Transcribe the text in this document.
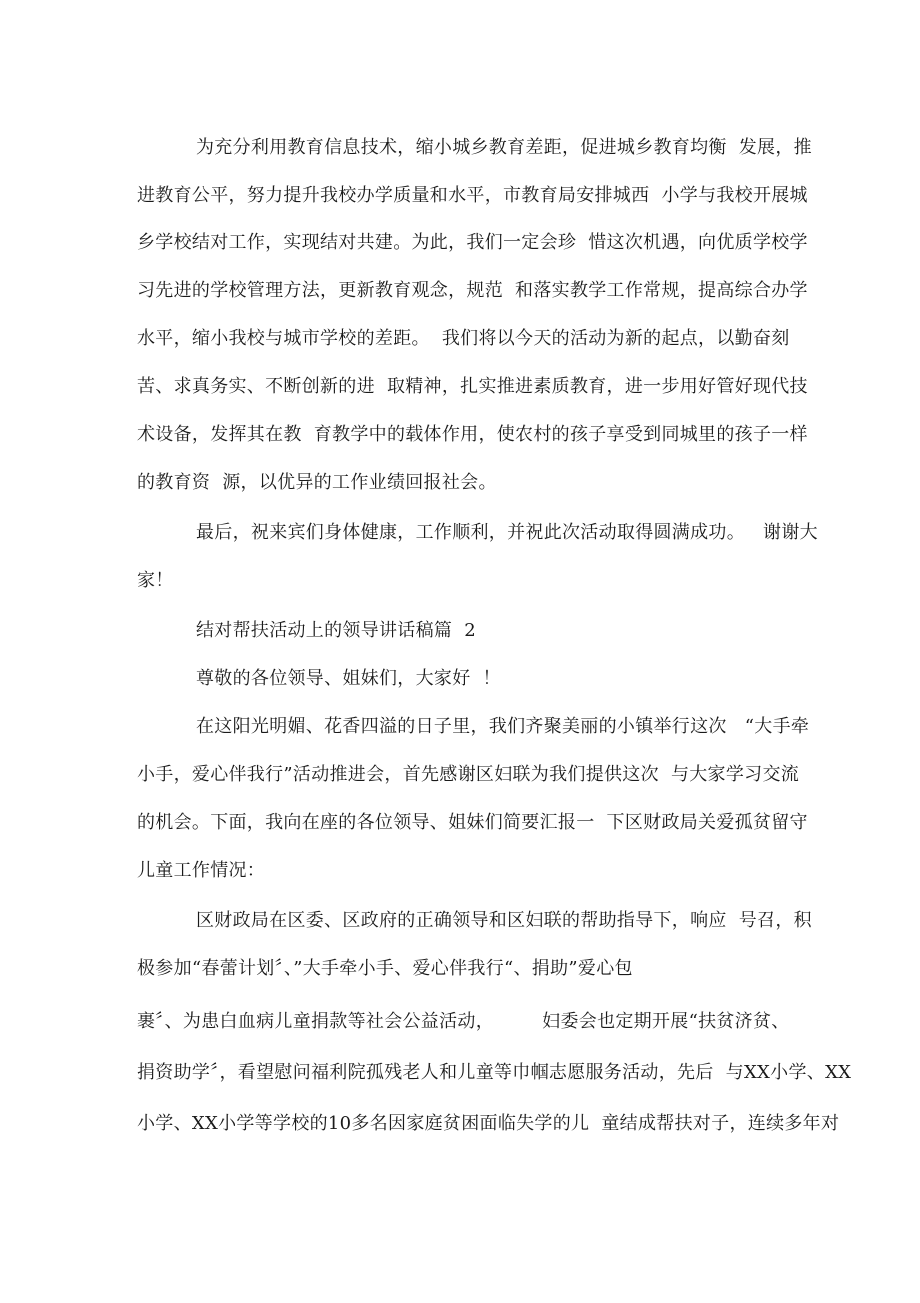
为充分利用教育信息技术，缩小城乡教育差距，促进城乡教育均衡  发展，推
进教育公平，努力提升我校办学质量和水平，市教育局安排城西  小学与我校开展城
乡学校结对工作，实现结对共建。为此，我们一定会珍  惜这次机遇，向优质学校学
习先进的学校管理方法，更新教育观念，规范  和落实教学工作常规，提高综合办学
水平，缩小我校与城市学校的差距。  我们将以今天的活动为新的起点，以勤奋刻
苦、求真务实、不断创新的进  取精神，扎实推进素质教育，进一步用好管好现代技
术设备，发挥其在教  育教学中的载体作用，使农村的孩子享受到同城里的孩子一样
的教育资  源，以优异的工作业绩回报社会。
最后，祝来宾们身体健康，工作顺利，并祝此次活动取得圆满成功。   谢谢大
家！
结对帮扶活动上的领导讲话稿篇  2
尊敬的各位领导、姐妹们，大家好  ！
在这阳光明媚、花香四溢的日子里，我们齐聚美丽的小镇举行这次   “大手牵
小手，爱心伴我行”活动推进会，首先感谢区妇联为我们提供这次  与大家学习交流
的机会。下面，我向在座的各位领导、姐妹们简要汇报一  下区财政局关爱孤贫留守
儿童工作情况：
区财政局在区委、区政府的正确领导和区妇联的帮助指导下，响应  号召，积
极参加“春蕾计划〞、”大手牵小手、爱心伴我行“、捐助”爱心包
裹〞、为患白血病儿童捐款等社会公益活动，        妇委会也定期开展“扶贫济贫、
捐资助学〞，看望慰问福利院孤残老人和儿童等巾帼志愿服务活动，先后  与XX小学、XX
小学、XX小学等学校的10多名因家庭贫困面临失学的儿  童结成帮扶对子，连续多年对
